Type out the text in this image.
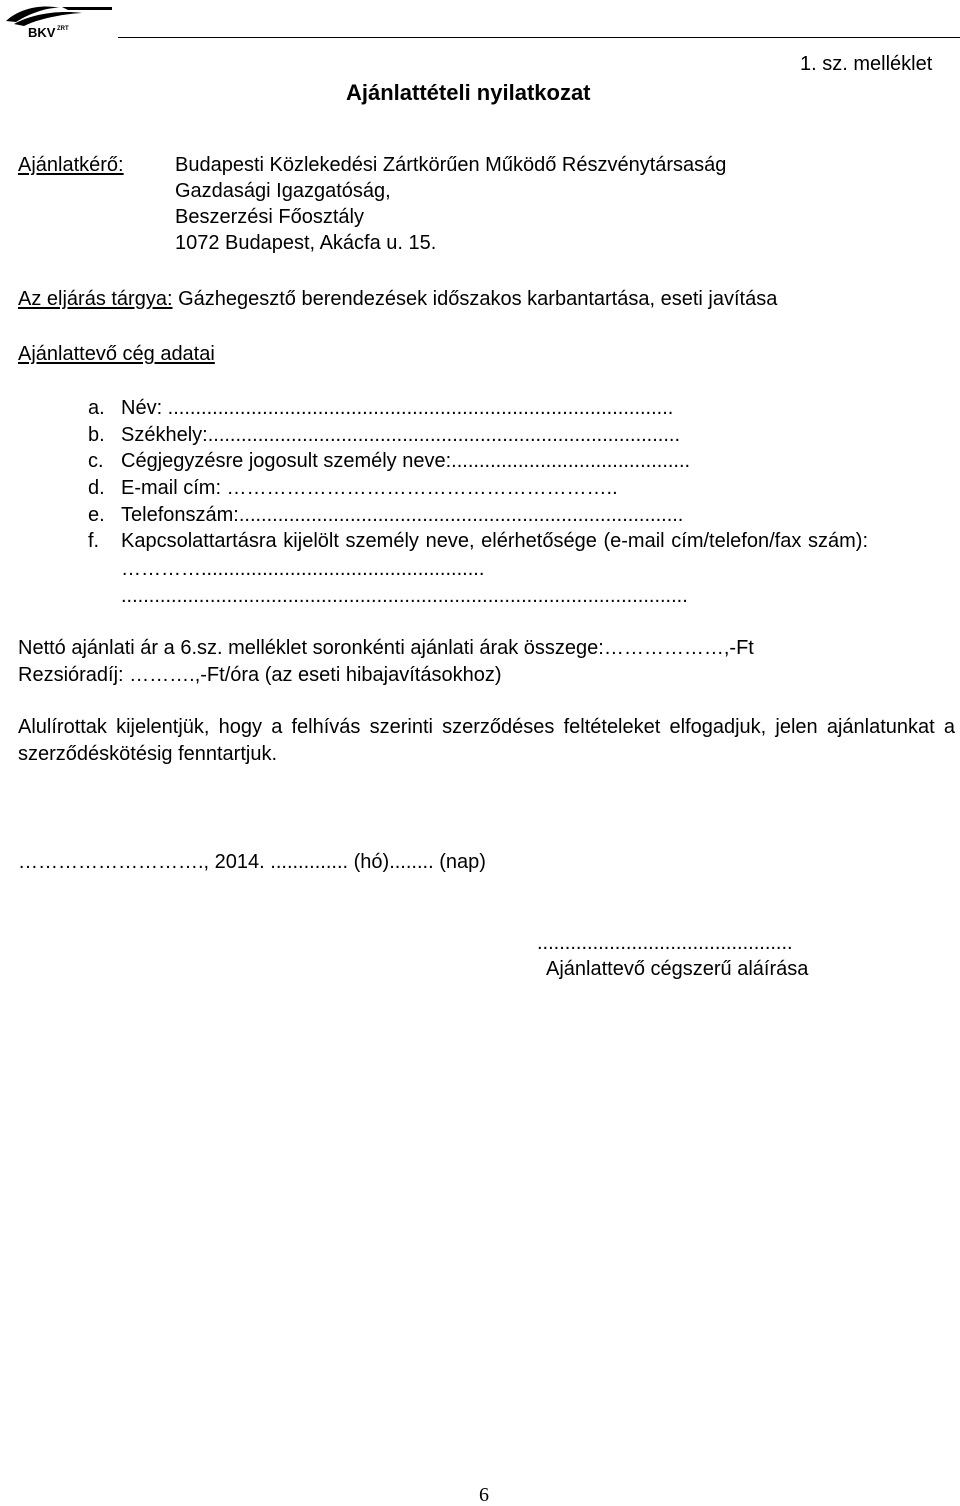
BKV ZRT
1. sz. melléklet
Ajánlattételi nyilatkozat
Ajánlatkérő:	Budapesti Közlekedési Zártkörűen Működő Részvénytársaság
Gazdasági Igazgatóság,
Beszerzési Főosztály
1072 Budapest, Akácfa u. 15.
Az eljárás tárgya: Gázhegesztő berendezések időszakos karbantartása, eseti javítása
Ajánlattevő cég adatai
a. Név: ...........................................................................................
b. Székhely:.....................................................................................
c. Cégjegyzésre jogosult személy neve:...........................................
d. E-mail cím: …………………………………………………..
e. Telefonszám:................................................................................
f. Kapcsolattartásra kijelölt személy neve, elérhetősége (e-mail cím/telefon/fax szám): …………...................................................
......................................................................................................
Nettó ajánlati ár a 6.sz. melléklet soronkénti ajánlati árak összege:………………,-Ft
Rezsióradíj: ……….,-Ft/óra (az eseti hibajavításokhoz)
Alulírottak kijelentjük, hogy a felhívás szerinti szerződéses feltételeket elfogadjuk, jelen ajánlatunkat a szerződéskötésig fenntartjuk.
………………………., 2014. .............. (hó)........ (nap)
..............................................
Ajánlattevő cégszerű aláírása
6
